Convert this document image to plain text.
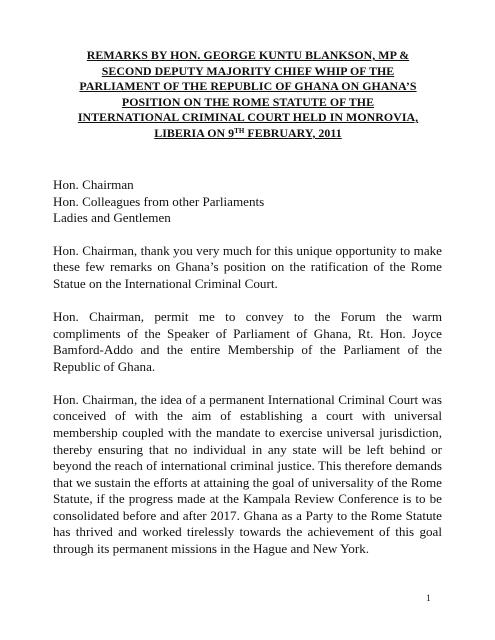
REMARKS BY HON. GEORGE KUNTU BLANKSON, MP &
SECOND DEPUTY MAJORITY CHIEF WHIP OF THE
PARLIAMENT OF THE REPUBLIC OF GHANA ON GHANA’S
POSITION ON THE ROME STATUTE OF THE
INTERNATIONAL CRIMINAL COURT HELD IN MONROVIA,
LIBERIA ON 9TH FEBRUARY, 2011
Hon. Chairman
Hon. Colleagues from other Parliaments
Ladies and Gentlemen

Hon. Chairman, thank you very much for this unique opportunity to make these few remarks on Ghana’s position on the ratification of the Rome Statue on the International Criminal Court.

Hon. Chairman, permit me to convey to the Forum the warm compliments of the Speaker of Parliament of Ghana, Rt. Hon. Joyce Bamford-Addo and the entire Membership of the Parliament of the Republic of Ghana.

Hon. Chairman, the idea of a permanent International Criminal Court was conceived of with the aim of establishing a court with universal membership coupled with the mandate to exercise universal jurisdiction, thereby ensuring that no individual in any state will be left behind or beyond the reach of international criminal justice. This therefore demands that we sustain the efforts at attaining the goal of universality of the Rome Statute, if the progress made at the Kampala Review Conference is to be consolidated before and after 2017. Ghana as a Party to the Rome Statute has thrived and worked tirelessly towards the achievement of this goal through its permanent missions in the Hague and New York.

1
